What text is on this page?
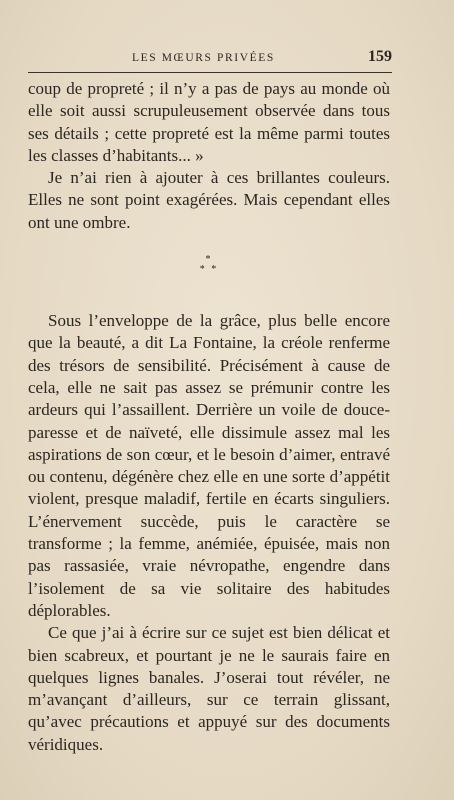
LES MŒURS PRIVÉES	159

coup de propreté ; il n’y a pas de pays au monde où elle soit aussi scrupuleusement observée dans tous ses détails ; cette propreté est la même parmi toutes les classes d’habitants... »

Je n’ai rien à ajouter à ces brillantes couleurs. Elles ne sont point exagérées. Mais cependant elles ont une ombre.

*
* *

Sous l’enveloppe de la grâce, plus belle encore que la beauté, a dit La Fontaine, la créole renferme des trésors de sensibilité. Précisément à cause de cela, elle ne sait pas assez se prémunir contre les ardeurs qui l’assaillent. Derrière un voile de douce-paresse et de naïveté, elle dissimule assez mal les aspirations de son cœur, et le besoin d’aimer, entravé ou contenu, dégénère chez elle en une sorte d’appétit violent, presque maladif, fertile en écarts singuliers. L’énervement succède, puis le caractère se transforme ; la femme, anémiée, épuisée, mais non pas rassasiée, vraie névropathe, engendre dans l’isolement de sa vie solitaire des habitudes déplorables.

Ce que j’ai à écrire sur ce sujet est bien délicat et bien scabreux, et pourtant je ne le saurais faire en quelques lignes banales. J’oserai tout révéler, ne m’avançant d’ailleurs, sur ce terrain glissant, qu’avec précautions et appuyé sur des documents véridiques.
